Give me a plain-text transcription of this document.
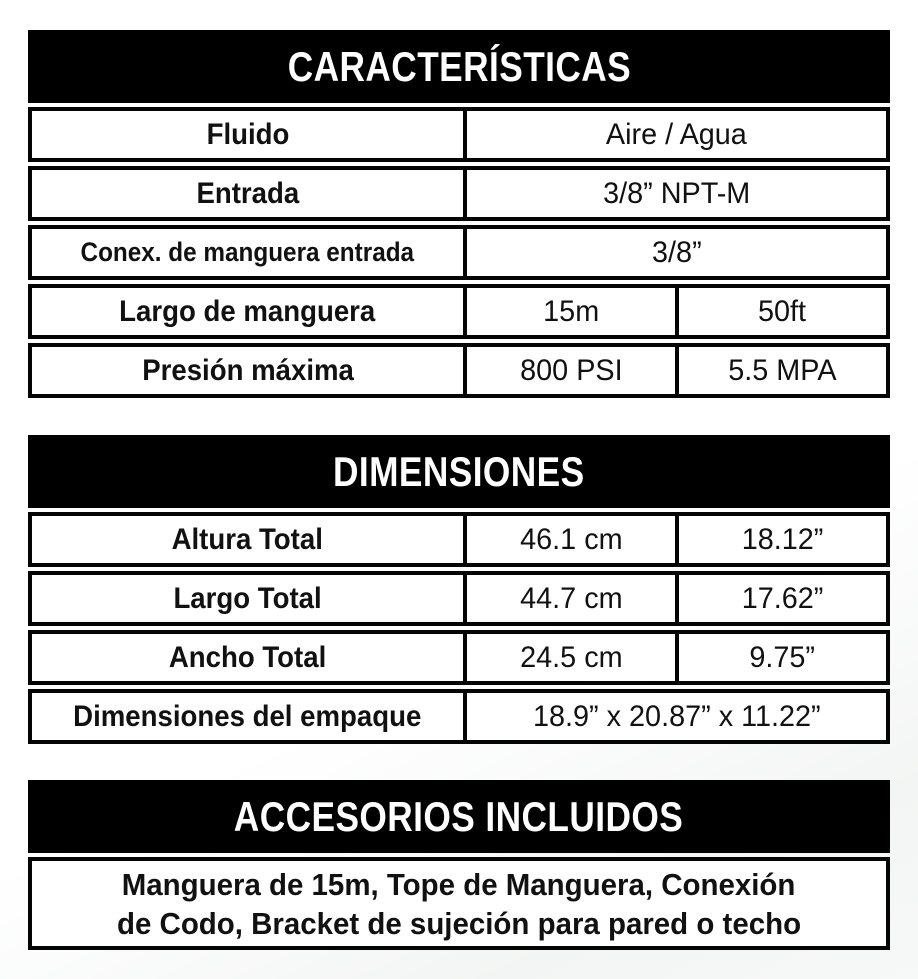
CARACTERÍSTICAS
Fluido	Aire / Agua
Entrada	3/8” NPT-M
Conex. de manguera entrada	3/8”
Largo de manguera	15m	50ft
Presión máxima	800 PSI	5.5 MPA
DIMENSIONES
Altura Total	46.1 cm	18.12”
Largo Total	44.7 cm	17.62”
Ancho Total	24.5 cm	9.75”
Dimensiones del empaque	18.9” x 20.87” x 11.22”
ACCESORIOS INCLUIDOS
Manguera de 15m, Tope de Manguera, Conexión
de Codo, Bracket de sujeción para pared o techo
